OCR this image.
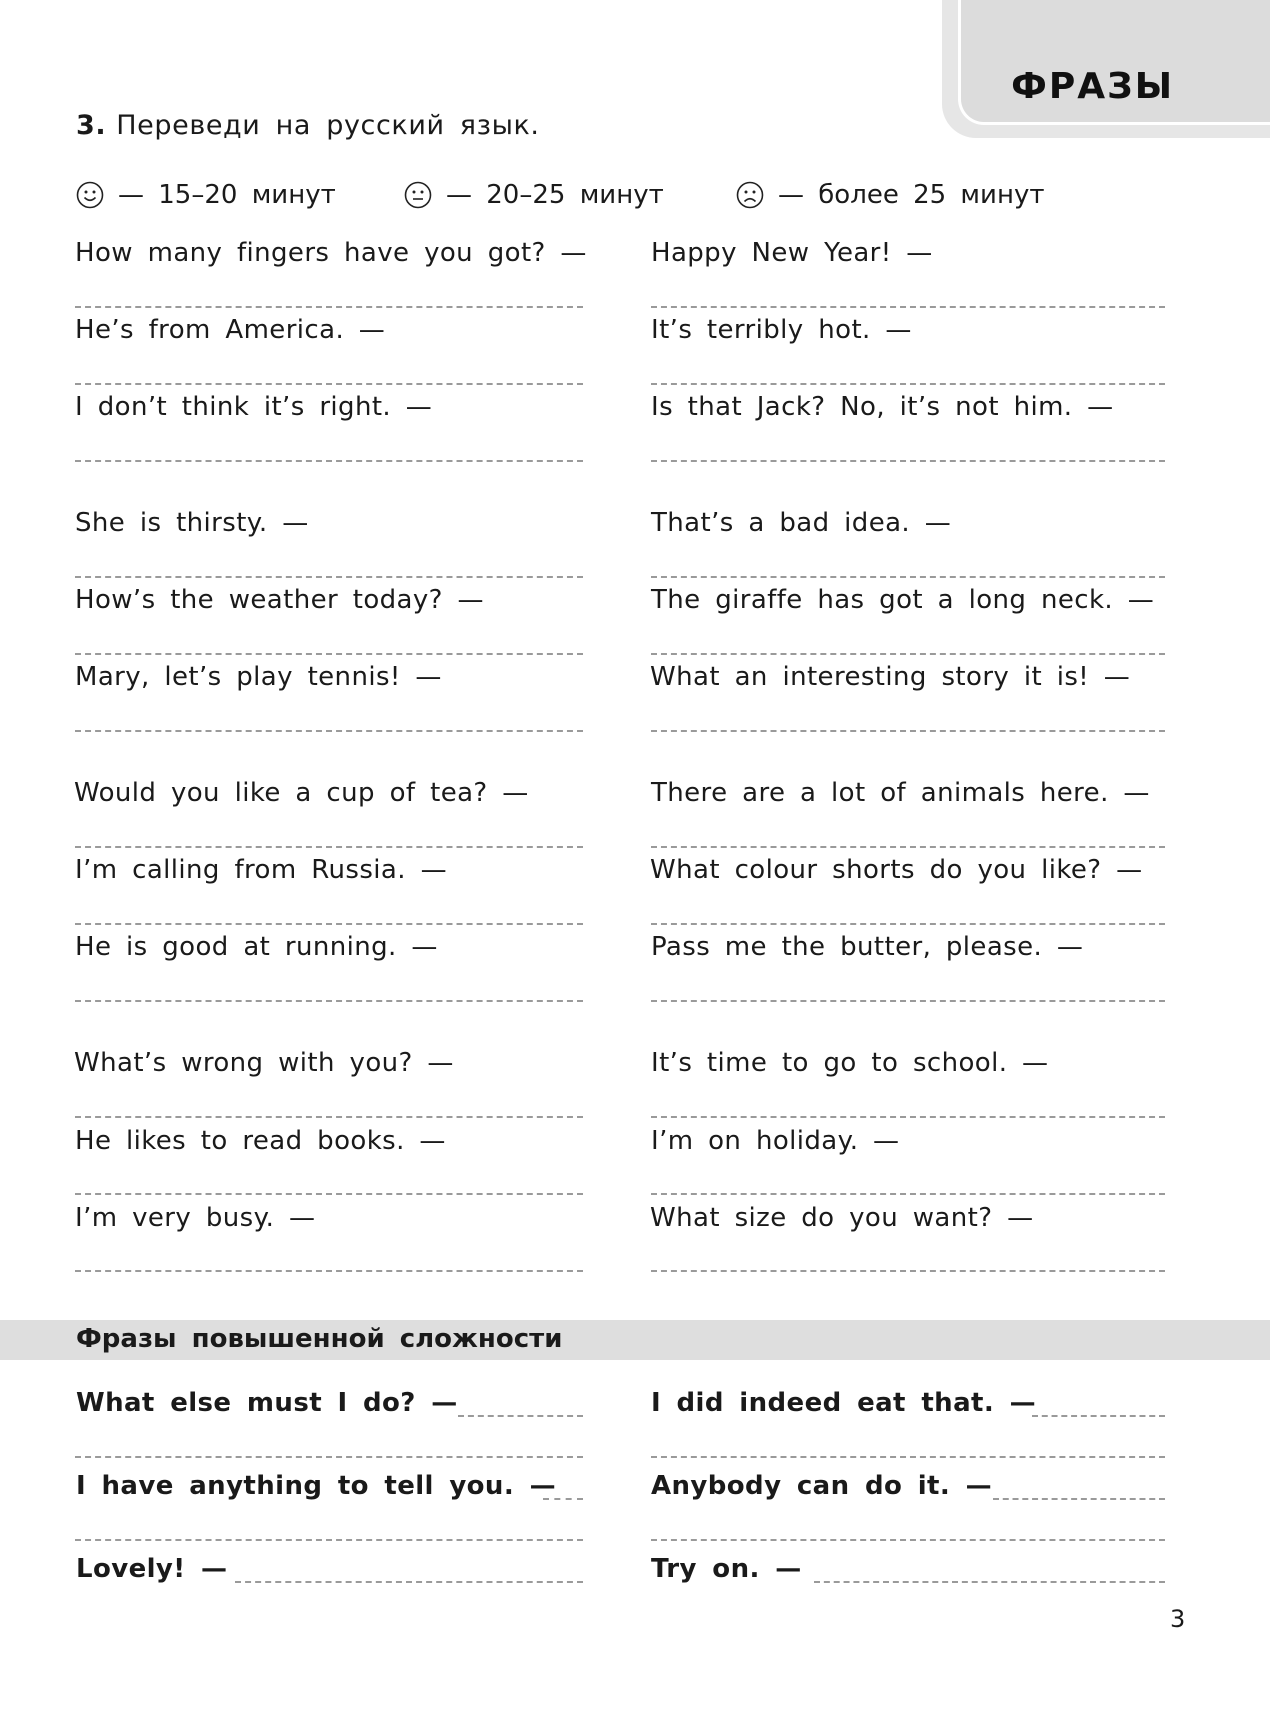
ФРАЗЫ
3. Переведи на русский язык.
— 15–20 минут	— 20–25 минут	— более 25 минут
How many fingers have you got? —
He’s from America. —
I don’t think it’s right. —
She is thirsty. —
How’s the weather today? —
Mary, let’s play tennis! —
Would you like a cup of tea? —
I’m calling from Russia. —
He is good at running. —
What’s wrong with you? —
He likes to read books. —
I’m very busy. —
Happy New Year! —
It’s terribly hot. —
Is that Jack? No, it’s not him. —
That’s a bad idea. —
The giraffe has got a long neck. —
What an interesting story it is! —
There are a lot of animals here. —
What colour shorts do you like? —
Pass me the butter, please. —
It’s time to go to school. —
I’m on holiday. —
What size do you want? —
Фразы повышенной сложности
What else must I do? —
I have anything to tell you. —
Lovely! —
I did indeed eat that. —
Anybody can do it. —
Try on. —
3
